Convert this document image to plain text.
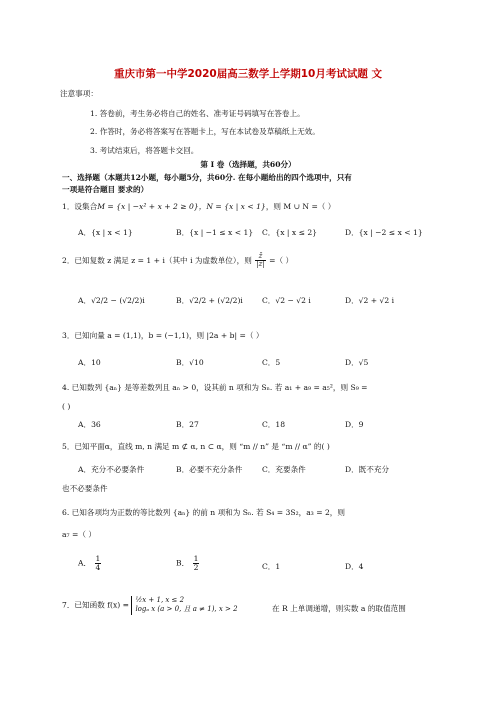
重庆市第一中学2020届高三数学上学期10月考试试题 文
注意事项：
1. 答卷前，考生务必将自己的姓名、准考证号码填写在答卷上。
2. 作答时，务必将答案写在答题卡上，写在本试卷及草稿纸上无效。
3. 考试结束后，将答题卡交回。
第 Ⅰ 卷（选择题，共60分）
一、选择题（本题共12小题，每小题5分，共60分. 在每小题给出的四个选项中，只有
一项是符合题目 要求的）
1．设集合M = {x | −x² + x + 2 ≥ 0}，N = {x | x < 1}，则 M ∪ N =（ ）
A．{x | x < 1}	B．{x | −1 ≤ x < 1} C．{x | x ≤ 2}	D．{x | −2 ≤ x < 1}
2．已知复数 z 满足 z = 1 + i（其中 i 为虚数单位），则 $\frac{z̄}{|z|}$ =（ ）
A．√2/2 − (√2/2)i	B．√2/2 + (√2/2)i	C．√2 − √2 i	D．√2 + √2 i
3．已知向量 a = (1,1)，b = (−1,1)，则 |2a + b| =（ ）
A．10	B．√10	C．5	D．√5
4. 已知数列 {aₙ} 是等差数列且 aₙ > 0，设其前 n 项和为 Sₙ. 若 a₁ + a₉ = a₅²，则 S₉ =
( )
A．36	B．27	C．18	D．9
5．已知平面α，直线 m, n 满足 m ⊄ α, n ⊂ α，则 “m // n” 是 “m // α” 的( )
A．充分不必要条件	B．必要不充分条件	C．充要条件	D．既不充分
也不必要条件
6. 已知各项均为正数的等比数列 {aₙ} 的前 n 项和为 Sₙ. 若 S₄ = 3S₂，a₃ = 2，则
a₇ =（ ）
A． $\frac{1}{4}$	B． $\frac{1}{2}$	C．1	D．4
7．已知函数 f(x) =
½x + 1, x ≤ 2
logₐ x (a > 0, 且 a ≠ 1), x > 2	在 R 上单调递增，则实数 a 的取值范围
